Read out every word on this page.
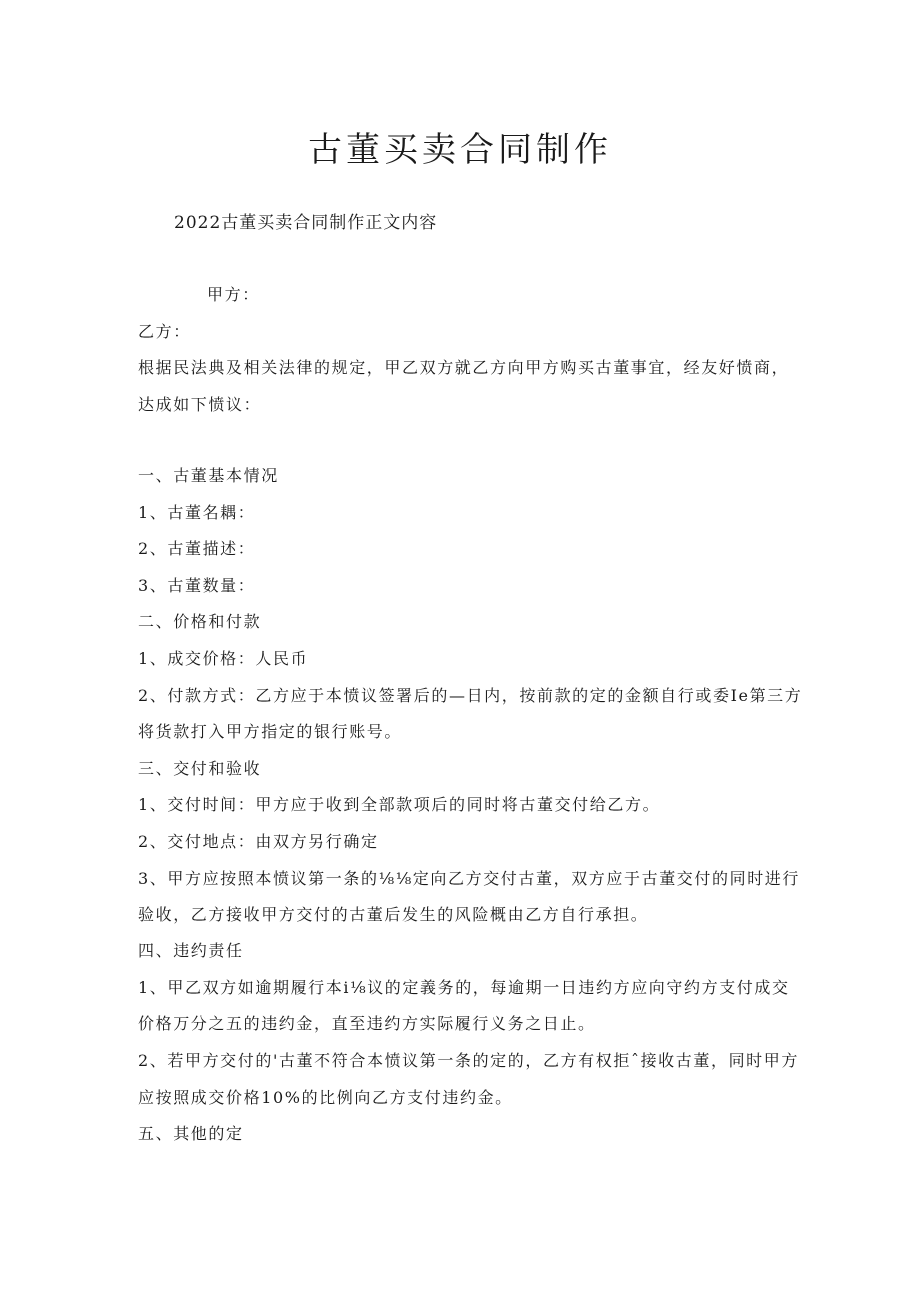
古董买卖合同制作

2022古董买卖合同制作正文内容

甲方：

乙方：

根据民法典及相关法律的规定，甲乙双方就乙方向甲方购买古董事宜，经友好愤商，

达成如下愤议：

一、古董基本情况

1、古董名耦：

2、古董描述：

3、古董数量：

二、价格和付款

1、成交价格：人民币

2、付款方式：乙方应于本愤议签署后的—日内，按前款的定的金额自行或委Ie第三方

将货款打入甲方指定的银行账号。

三、交付和验收

1、交付时间：甲方应于收到全部款项后的同时将古董交付给乙方。

2、交付地点：由双方另行确定

3、甲方应按照本愤议第一条的⅛⅛定向乙方交付古董，双方应于古董交付的同时进行

验收，乙方接收甲方交付的古董后发生的风险概由乙方自行承担。

四、违约责任

1、甲乙双方如逾期履行本i⅛议的定義务的，每逾期一日违约方应向守约方支付成交

价格万分之五的违约金，直至违约方实际履行义务之日止。

2、若甲方交付的'古董不符合本愤议第一条的定的，乙方有权拒ˆ接收古董，同时甲方

应按照成交价格10%的比例向乙方支付违约金。

五、其他的定
